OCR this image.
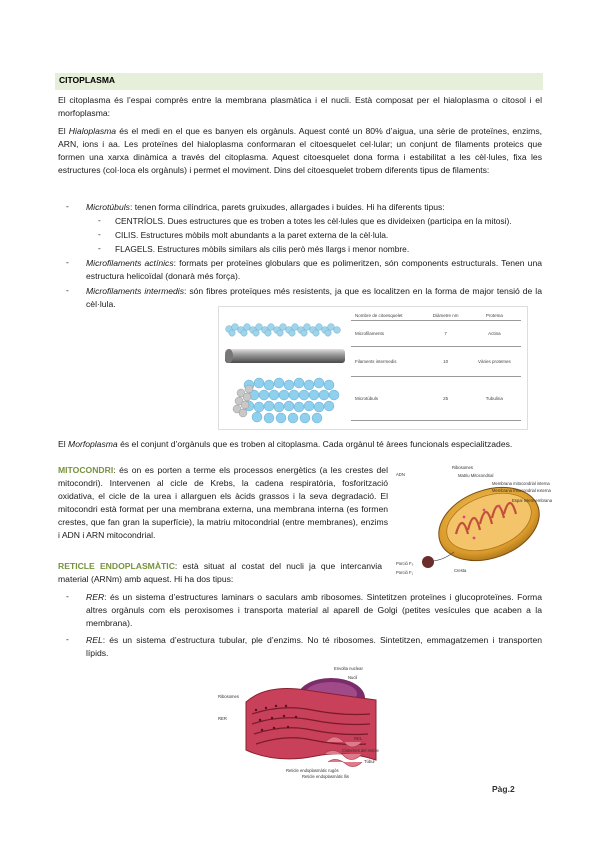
CITOPLASMA

El citoplasma és l’espai comprès entre la membrana plasmàtica i el nucli. Està composat per el hialoplasma o citosol i el morfoplasma:

El Hialoplasma és el medi en el que es banyen els orgànuls. Aquest conté un 80% d’aigua, una sèrie de proteïnes, enzims, ARN, ions i aa. Les proteïnes del hialoplasma conformaran el citoesquelet cel·lular; un conjunt de filaments proteics que formen una xarxa dinàmica a través del citoplasma. Aquest citoesquelet dona forma i estabilitat a les cèl·lules, fixa les estructures (col·loca els orgànuls) i permet el moviment. Dins del citoesquelet trobem diferents tipus de filaments:

- Microtúbuls: tenen forma cilíndrica, parets gruixudes, allargades i buides. Hi ha diferents tipus:

- CENTRÍOLS. Dues estructures que es troben a totes les cèl·lules que es divideixen (participa en la mitosi).

- CILIS. Estructures mòbils molt abundants a la paret externa de la cèl·lula.

- FLAGELS. Estructures mòbils similars als cilis però més llargs i menor nombre.

- Microfilaments actínics: formats per proteïnes globulars que es polimeritzen, són components estructurals. Tenen una estructura helicoïdal (donarà més força).

- Microfilaments intermedis: són fibres proteïques més resistents, ja que es localitzen en la forma de major tensió de la cèl·lula.

Nombre de citoesquelet	Diàmetre nm	Proteïna
Microfilaments	7	Actina
Filaments intermedis	10	Vàries proteïnes
Microtúbuls	25	Tubulina

El Morfoplasma és el conjunt d’orgànuls que es troben al citoplasma. Cada orgànul té àrees funcionals especialitzades.

MITOCONDRI: és on es porten a terme els processos energètics (a les crestes del mitocondri). Intervenen al cicle de Krebs, la cadena respiratòria, fosforització oxidativa, el cicle de la urea i allarguen els àcids grassos i la seva degradació. El mitocondri està format per una membrana externa, una membrana interna (es formen crestes, que fan gran la superfície), la matriu mitocondrial (entre membranes), enzims i ADN i ARN mitocondrial.

ADN
Ribosomes
Matriu Mitocondrial
Membrana mitocondrial interna
Membrana mitocondrial externa
Espai Intermembrana
Porció F₀
Porció F₁	Cresta

RETICLE ENDOPLASMÀTIC: està situat al costat del nucli ja que intercanvia material (ARNm) amb aquest. Hi ha dos tipus:

- RER: és un sistema d’estructures laminars o saculars amb ribosomes. Sintetitzen proteïnes i glucoproteïnes. Forma altres orgànuls com els peroxisomes i transporta material al aparell de Golgi (petites vesícules que acaben a la membrana).

- REL: és un sistema d’estructura tubular, ple d’enzims. No té ribosomes. Sintetitzen, emmagatzemen i transporten lípids.

Envolta nuclear
Nucli
Ribosomes
RER
REL
Cisternes del reticle
Túbul
Reticle endoplasmàtic rugós
Reticle endoplasmàtic llis
Pàg.2
